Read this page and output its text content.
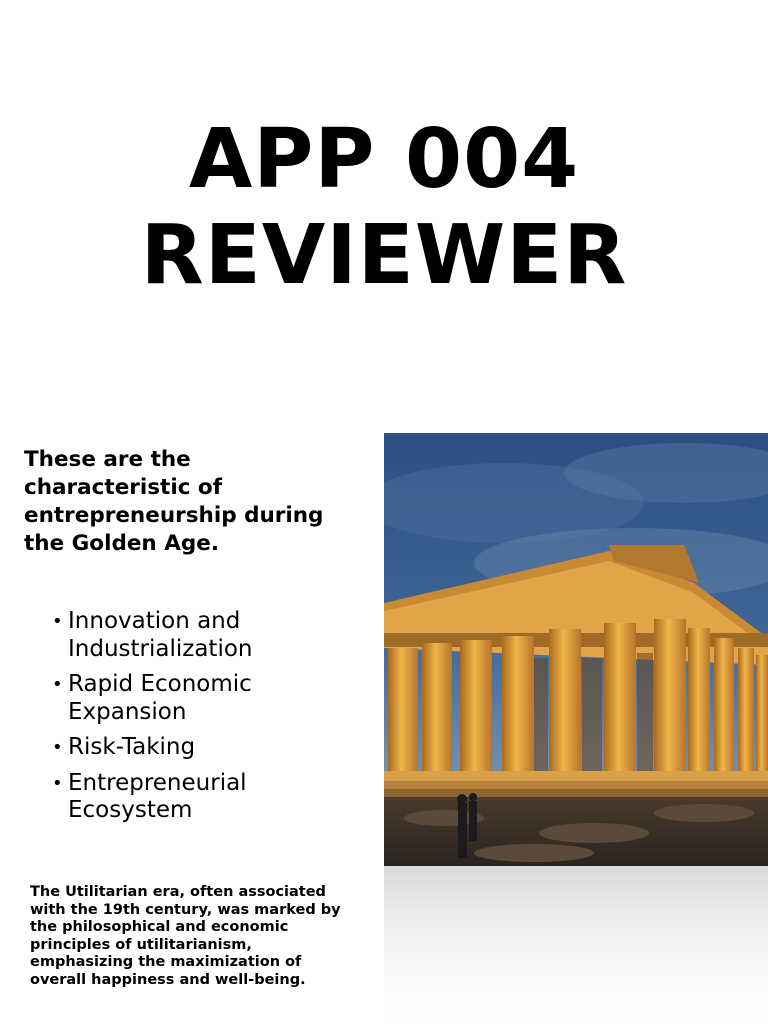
APP 004
REVIEWER
These are the characteristic of entrepreneurship during the Golden Age.
• Innovation and Industrialization
• Rapid Economic Expansion
• Risk-Taking
• Entrepreneurial Ecosystem
The Utilitarian era, often associated with the 19th century, was marked by the philosophical and economic principles of utilitarianism, emphasizing the maximization of overall happiness and well-being.
